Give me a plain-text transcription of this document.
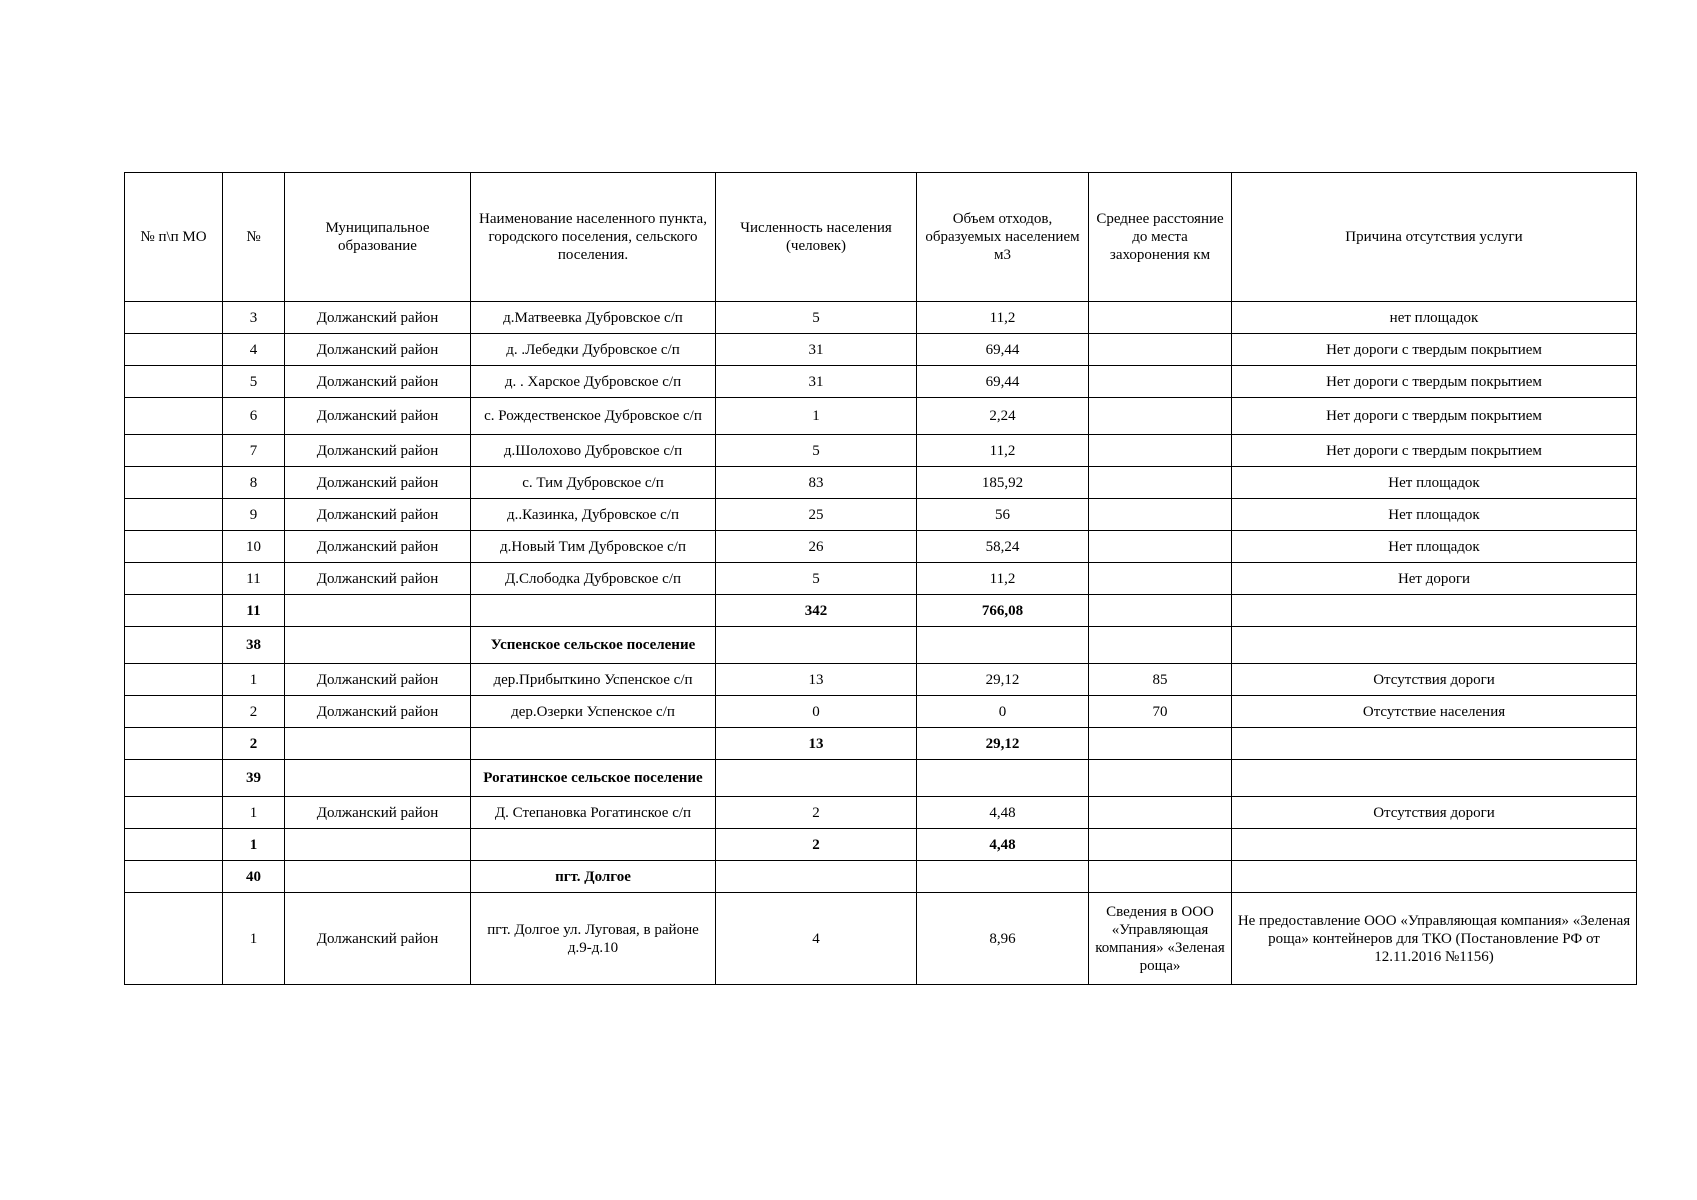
№ п\п МО	№	Муниципальное образование	Наименование населенного пункта, городского поселения, сельского поселения.	Численность населения (человек)	Объем отходов, образуемых населением м3	Среднее расстояние до места захоронения км	Причина отсутствия услуги
	3	Должанский район	д.Матвеевка Дубровское с/п	5	11,2		нет площадок
	4	Должанский район	д. .Лебедки Дубровское с/п	31	69,44		Нет дороги с твердым покрытием
	5	Должанский район	д. . Харское Дубровское с/п	31	69,44		Нет дороги с твердым покрытием
	6	Должанский район	с. Рождественское Дубровское с/п	1	2,24		Нет дороги с твердым покрытием
	7	Должанский район	д.Шолохово Дубровское с/п	5	11,2		Нет дороги с твердым покрытием
	8	Должанский район	с. Тим Дубровское с/п	83	185,92		Нет площадок
	9	Должанский район	д..Казинка, Дубровское с/п	25	56		Нет площадок
	10	Должанский район	д.Новый Тим Дубровское с/п	26	58,24		Нет площадок
	11	Должанский район	Д.Слободка Дубровское с/п	5	11,2		Нет дороги
	11			342	766,08		
	38		Успенское сельское поселение				
	1	Должанский район	дер.Прибыткино Успенское с/п	13	29,12	85	Отсутствия дороги
	2	Должанский район	дер.Озерки Успенское с/п	0	0	70	Отсутствие населения
	2			13	29,12		
	39		Рогатинское сельское поселение				
	1	Должанский район	Д. Степановка Рогатинское с/п	2	4,48		Отсутствия дороги
	1			2	4,48		
	40		пгт. Долгое				
	1	Должанский район	пгт. Долгое ул. Луговая, в районе д.9-д.10	4	8,96	Сведения в ООО «Управляющая компания» «Зеленая роща»	Не предоставление ООО «Управляющая компания» «Зеленая роща» контейнеров для ТКО (Постановление РФ от 12.11.2016 №1156)
